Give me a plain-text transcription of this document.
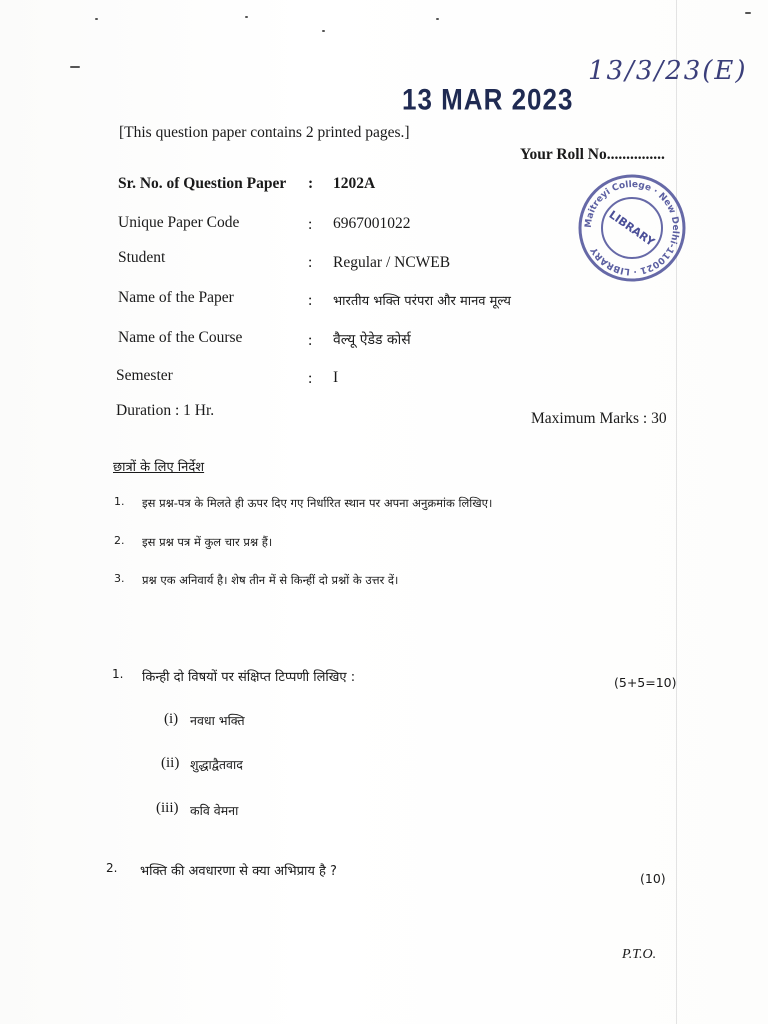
13/3/23(E)
13 MAR 2023
[This question paper contains 2 printed pages.]
Your Roll No...............
Maitreyi College · New Delhi-110021 · LIBRARY
LIBRARY
Sr. No. of Question Paper : 1202A
Unique Paper Code	: 6967001022
Student	: Regular / NCWEB
Name of the Paper	: भारतीय भक्ति परंपरा और मानव मूल्य
Name of the Course	: वैल्यू ऐडेड कोर्स
Semester	: I
Duration : 1 Hr.	Maximum Marks : 30
छात्रों के लिए निर्देश
1. इस प्रश्न-पत्र के मिलते ही ऊपर दिए गए निर्धारित स्थान पर अपना अनुक्रमांक लिखिए।
2. इस प्रश्न पत्र में कुल चार प्रश्न हैं।
3. प्रश्न एक अनिवार्य है। शेष तीन में से किन्हीं दो प्रश्नों के उत्तर दें।
1. किन्ही दो विषयों पर संक्षिप्त टिप्पणी लिखिए :	(5+5=10)
(i) नवधा भक्ति
(ii) शुद्धाद्वैतवाद
(iii) कवि वेमना
2. भक्ति की अवधारणा से क्या अभिप्राय है ?	(10)
P.T.O.
